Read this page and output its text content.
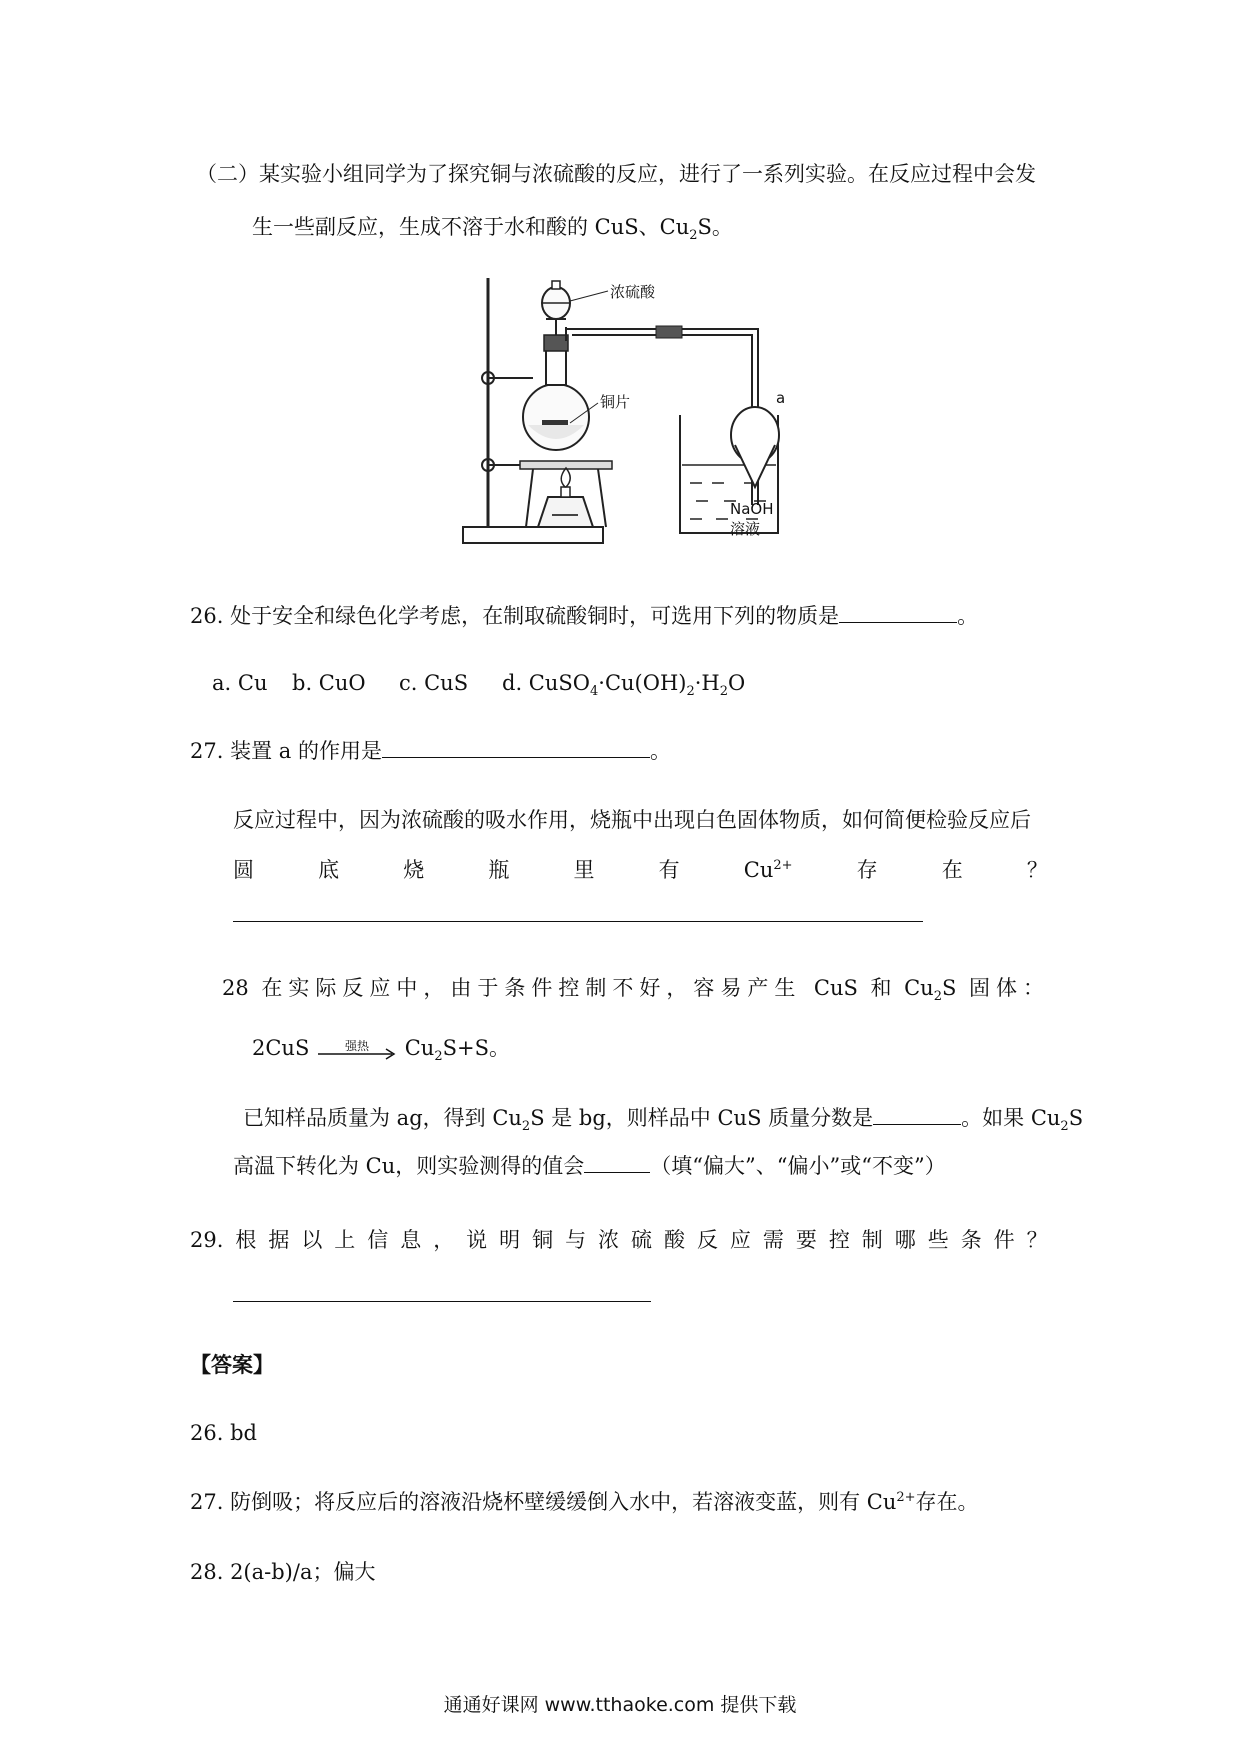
（二）某实验小组同学为了探究铜与浓硫酸的反应，进行了一系列实验。在反应过程中会发
生一些副反应，生成不溶于水和酸的 CuS、$Cu_2S$。
浓硫酸
铜片	a
NaOH
溶液
26. 处于安全和绿色化学考虑，在制取硫酸铜时，可选用下列的物质是	。
a. Cu b. CuO c. CuS d. $CuSO_4\cdot Cu(OH)_2\cdot H_2O$
27. 装置 a 的作用是	。
反应过程中，因为浓硫酸的吸水作用，烧瓶中出现白色固体物质，如何简便检验反应后
圆	底	烧	瓶	里	有	$Cu^{2+}$	存	在	？
28 在实际反应中，由于条件控制不好，容易产生 CuS 和 $Cu_2S$ 固体：
2CuS	强热	$Cu_2S+S$。
已知样品质量为 ag，得到 $Cu_2S$ 是 bg，则样品中 CuS 质量分数是	。如果 $Cu_2S$
高温下转化为 Cu，则实验测得的值会	（填“偏大”、“偏小”或“不变”）
29. 根 据 以 上 信 息 ， 说 明 铜 与 浓 硫 酸 反 应 需 要 控 制 哪 些 条 件 ？
【答案】
26. bd
27. 防倒吸；将反应后的溶液沿烧杯壁缓缓倒入水中，若溶液变蓝，则有 $Cu^{2+}$存在。
28. 2(a-b)/a；偏大
通通好课网 www.tthaoke.com 提供下载
